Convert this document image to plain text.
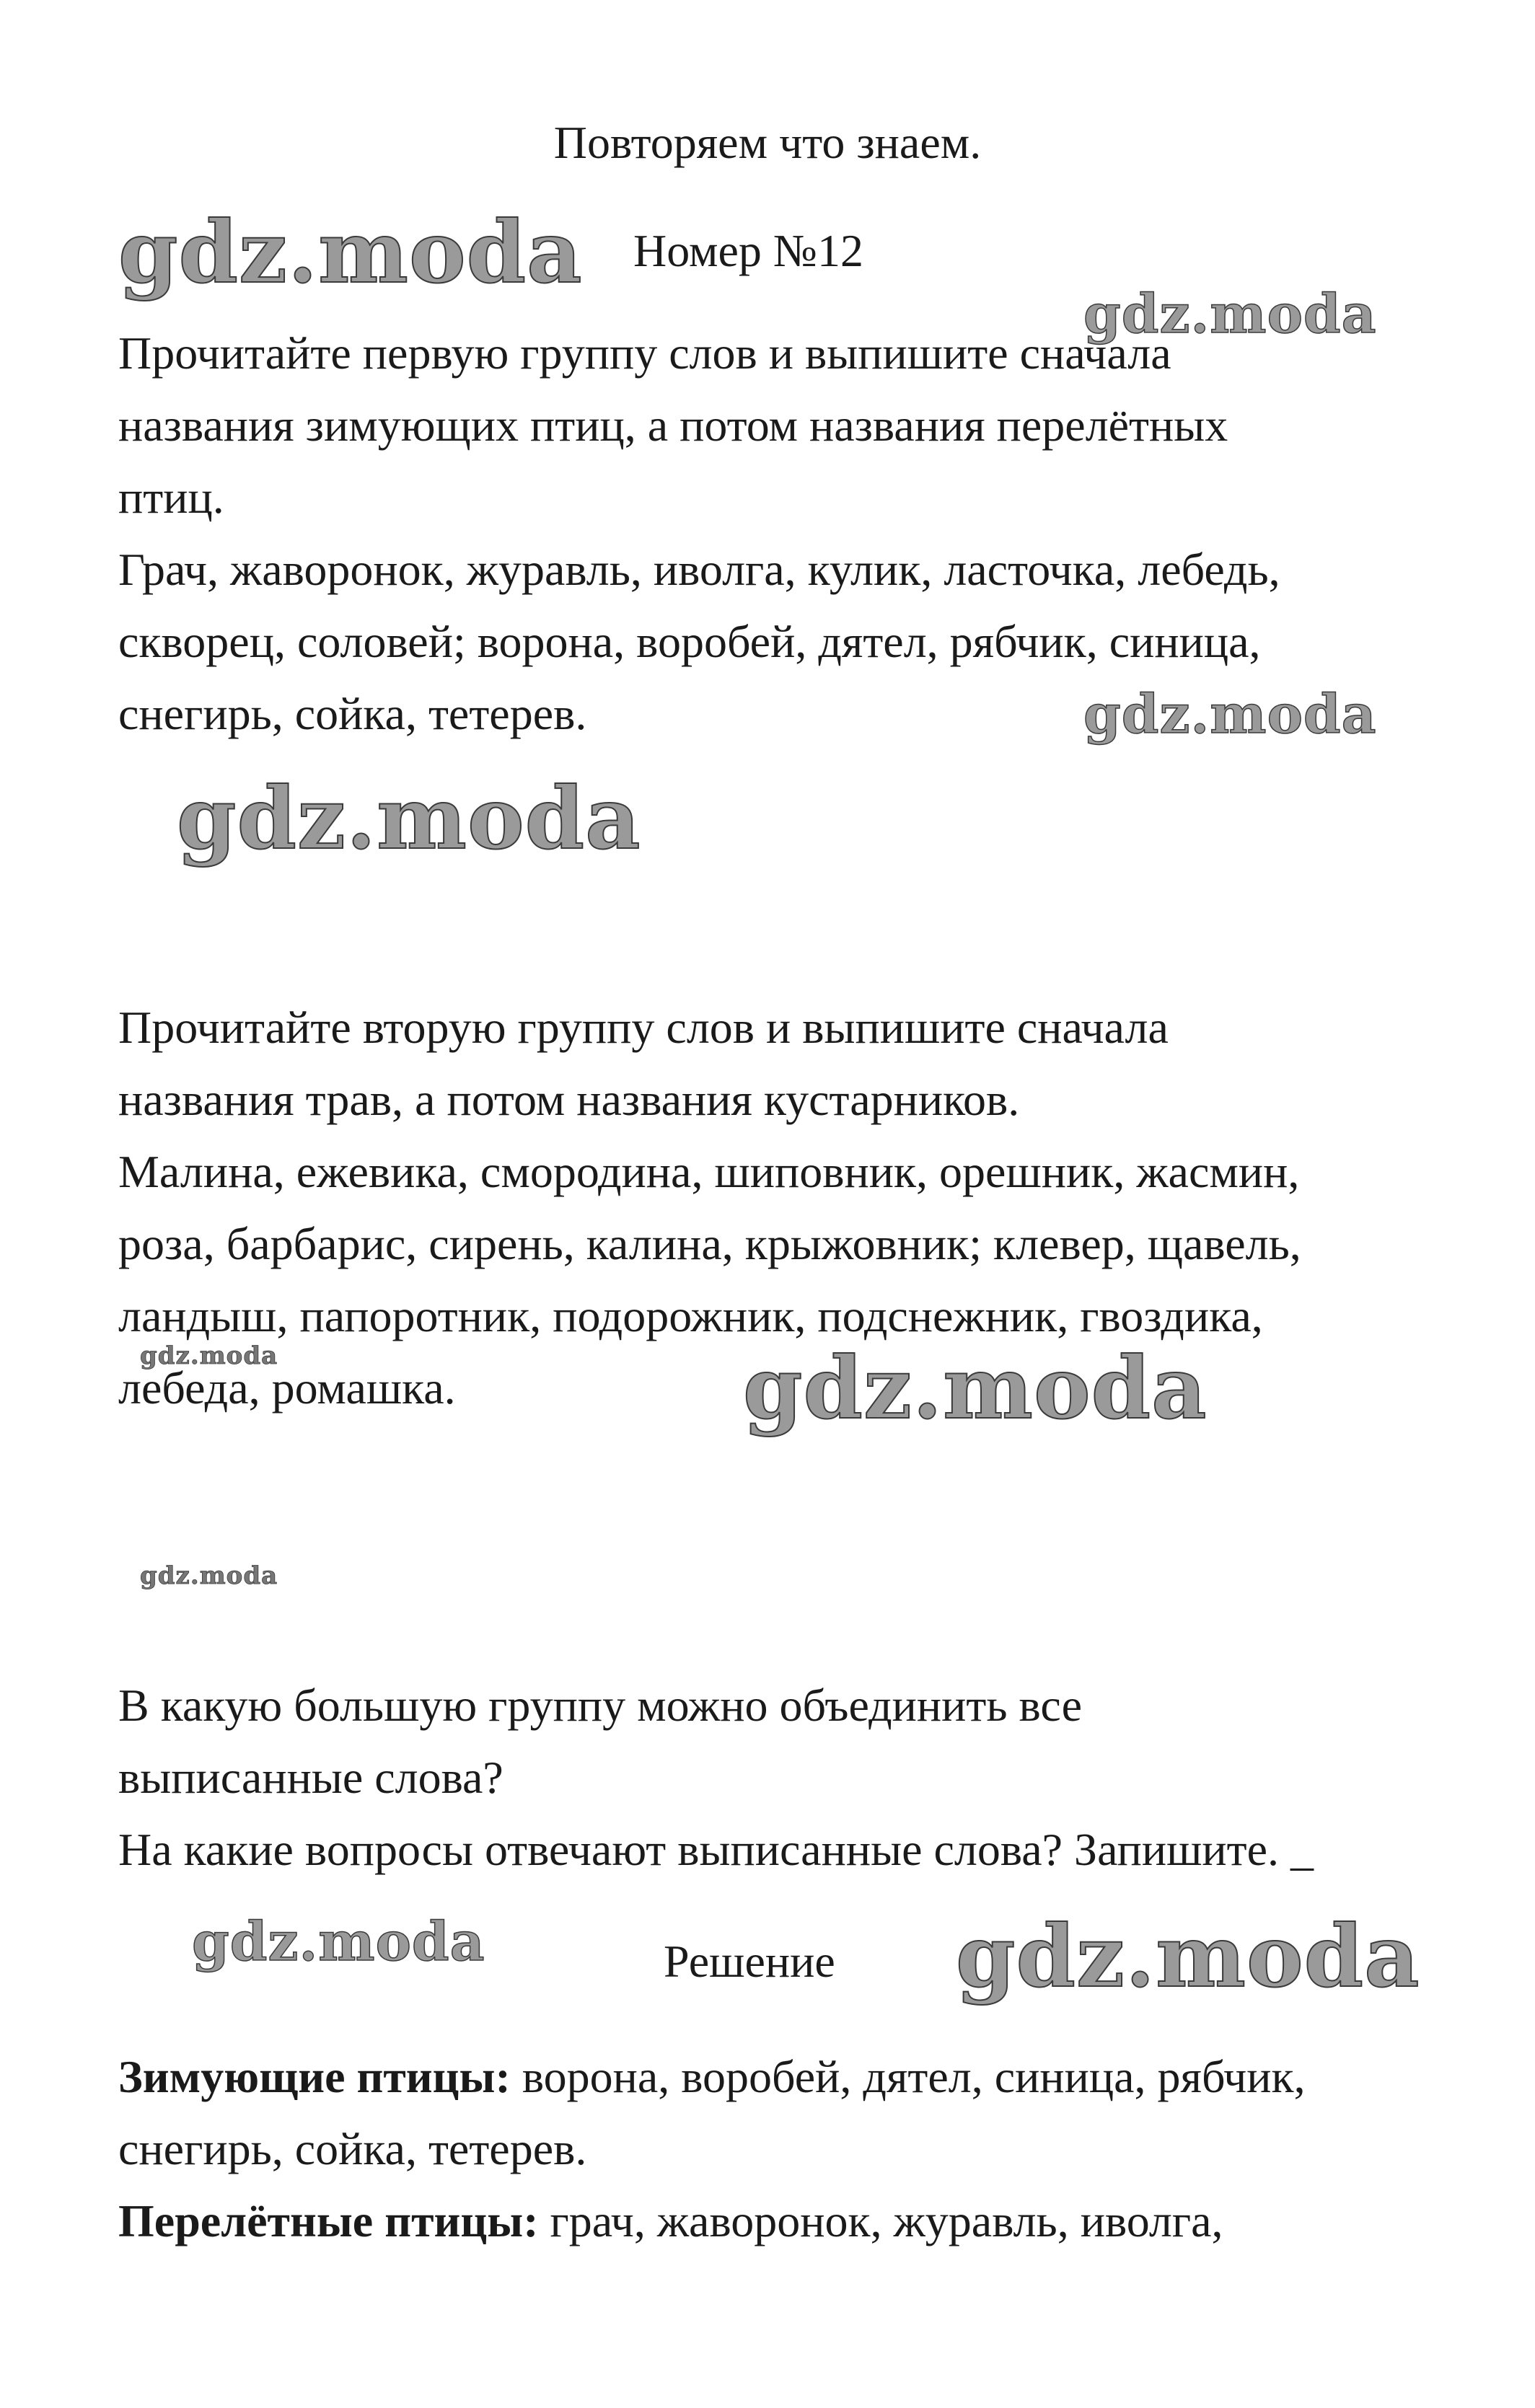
Повторяем что знаем.
Номер №12
Прочитайте первую группу слов и выпишите сначала
названия зимующих птиц, а потом названия перелётных
птиц.
Грач, жаворонок, журавль, иволга, кулик, ласточка, лебедь,
скворец, соловей; ворона, воробей, дятел, рябчик, синица,
снегирь, сойка, тетерев.
Прочитайте вторую группу слов и выпишите сначала
названия трав, а потом названия кустарников.
Малина, ежевика, смородина, шиповник, орешник, жасмин,
роза, барбарис, сирень, калина, крыжовник; клевер, щавель,
ландыш, папоротник, подорожник, подснежник, гвоздика,
лебеда, ромашка.
В какую большую группу можно объединить все
выписанные слова?
На какие вопросы отвечают выписанные слова? Запишите. _
Решение
Зимующие птицы: ворона, воробей, дятел, синица, рябчик,
снегирь, сойка, тетерев.
Перелётные птицы: грач, жаворонок, журавль, иволга,
gdz.moda
gdz.moda
gdz.moda
gdz.moda
gdz.moda	gdz.moda
gdz.moda
gdz.moda	gdz.moda
